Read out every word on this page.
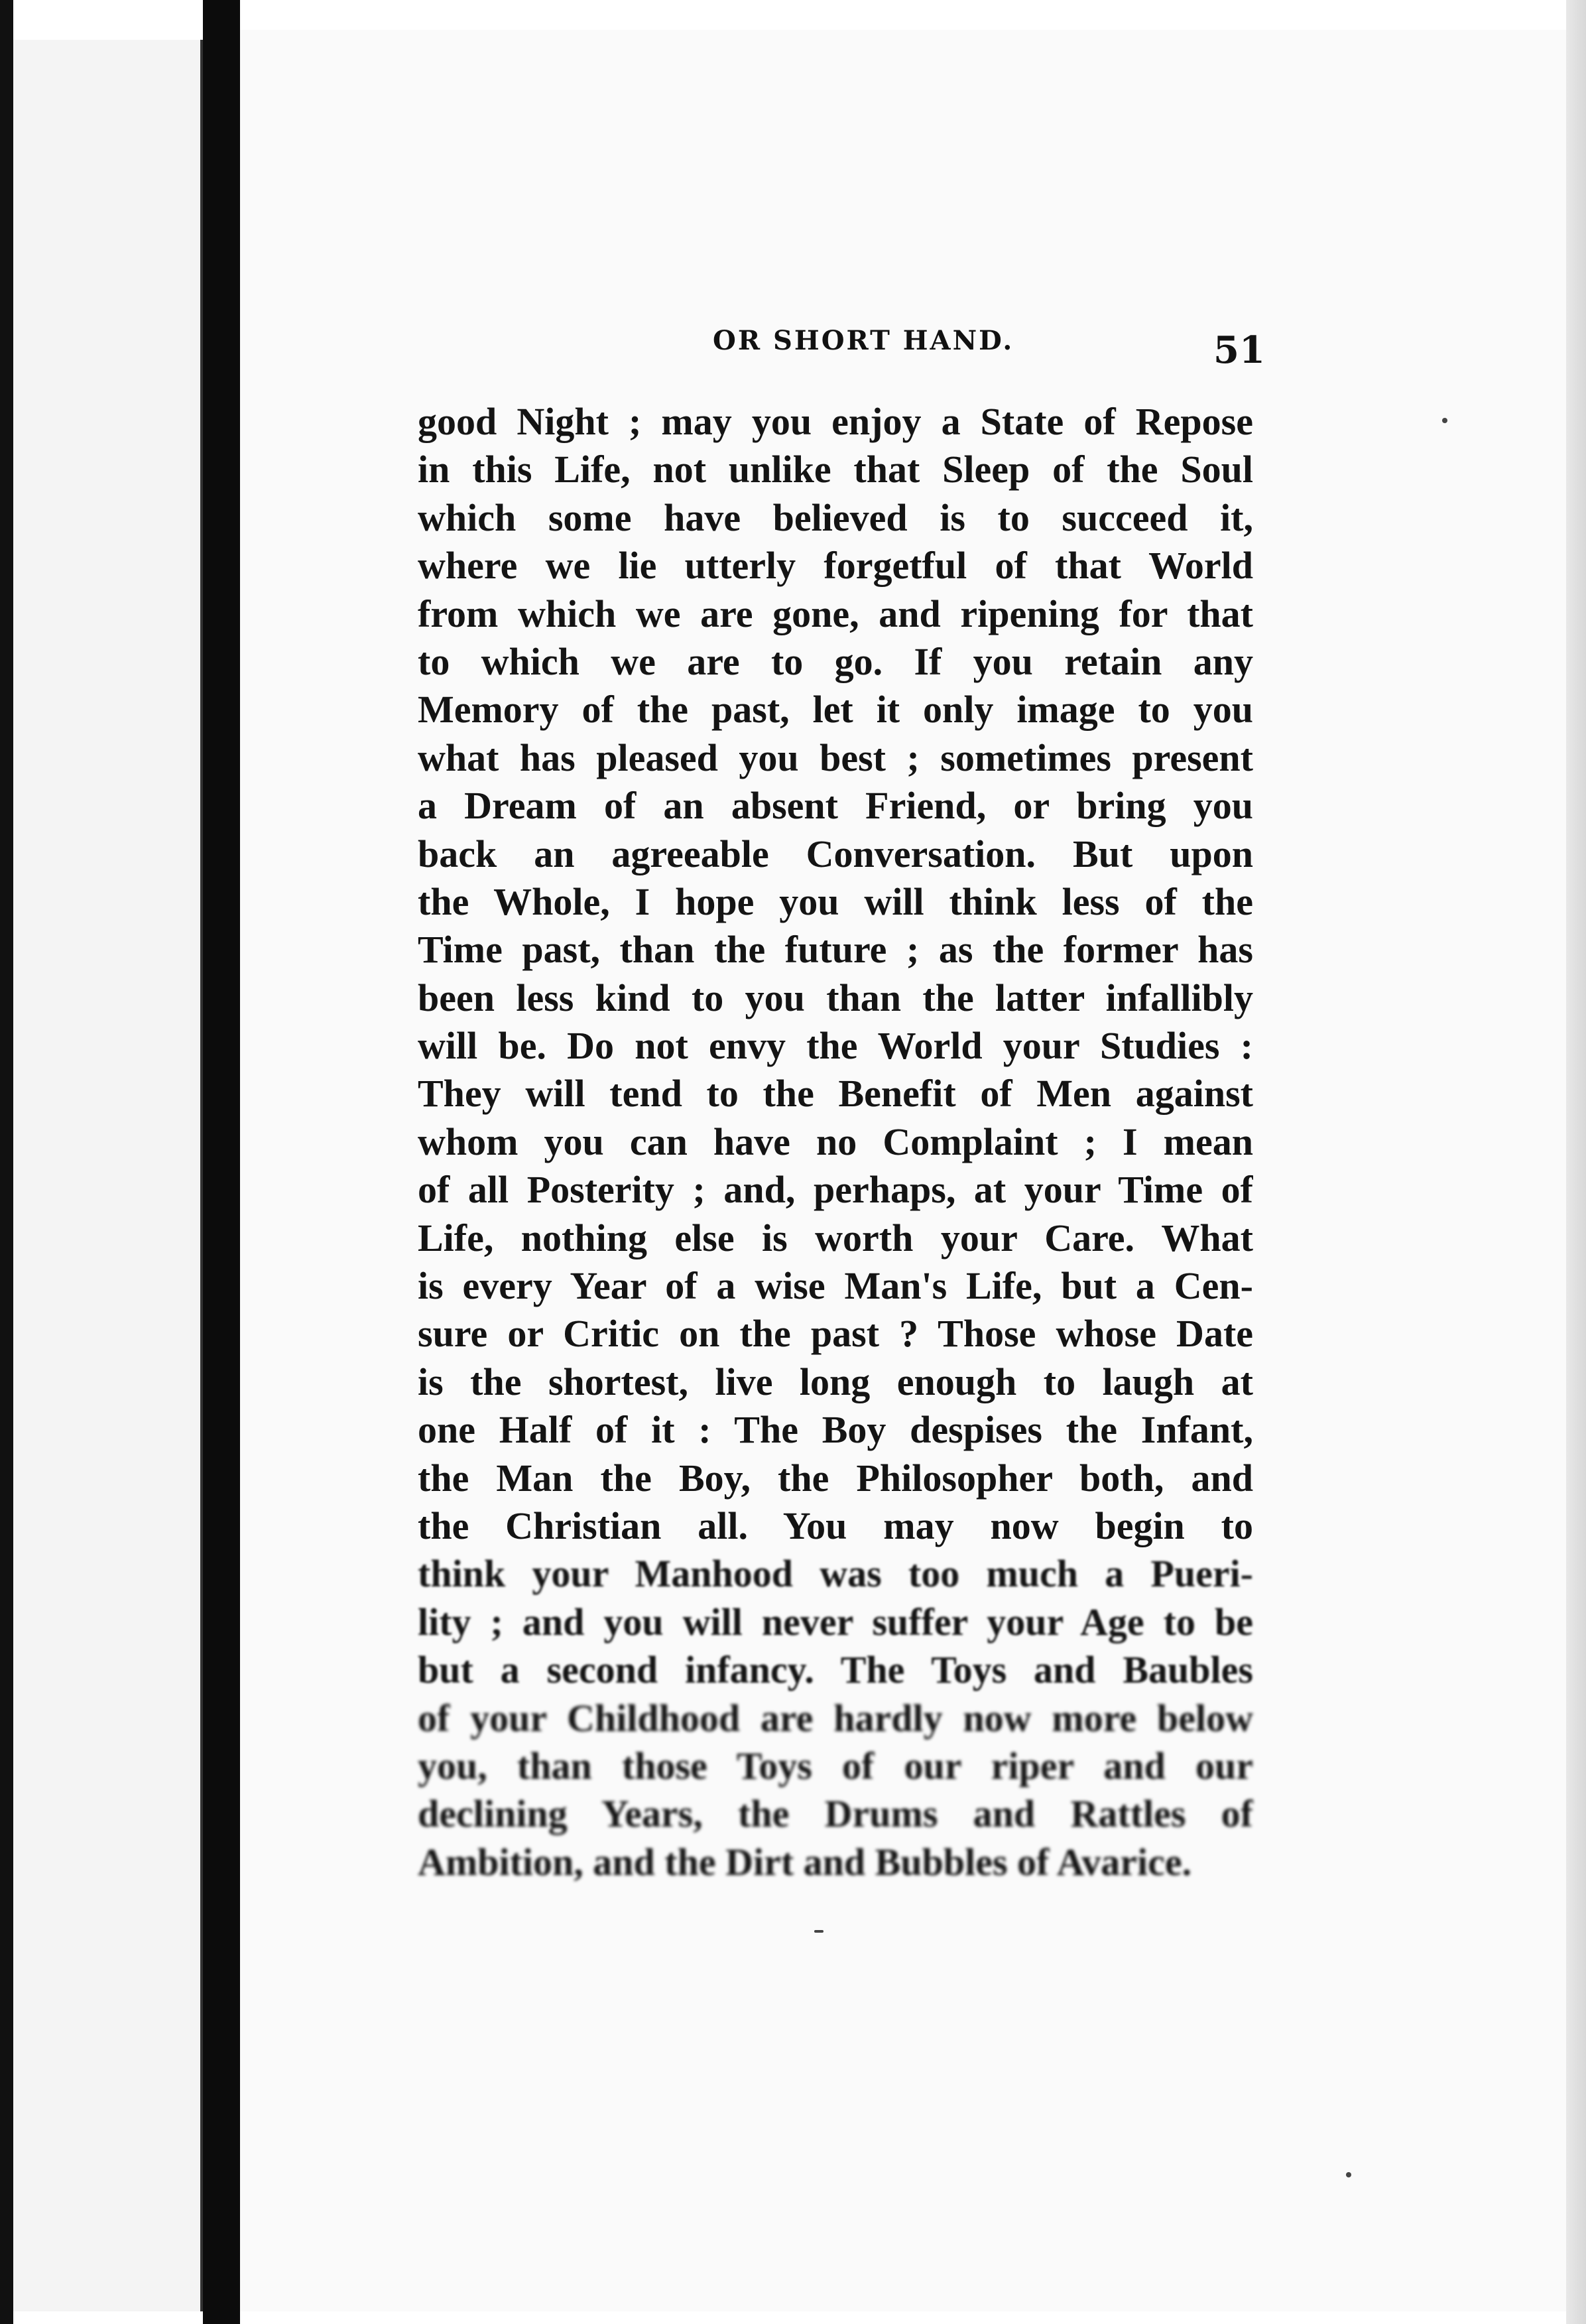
OR SHORT HAND.	51
good Night ; may you enjoy a State of Repose
in this Life, not unlike that Sleep of the Soul
which some have believed is to succeed it,
where we lie utterly forgetful of that World
from which we are gone, and ripening for that
to which we are to go. If you retain any
Memory of the past, let it only image to you
what has pleased you best ; sometimes present
a Dream of an absent Friend, or bring you
back an agreeable Conversation. But upon
the Whole, I hope you will think less of the
Time past, than the future ; as the former has
been less kind to you than the latter infallibly
will be. Do not envy the World your Studies :
They will tend to the Benefit of Men against
whom you can have no Complaint ; I mean
of all Posterity ; and, perhaps, at your Time of
Life, nothing else is worth your Care. What
is every Year of a wise Man's Life, but a Cen-
sure or Critic on the past ? Those whose Date
is the shortest, live long enough to laugh at
one Half of it : The Boy despises the Infant,
the Man the Boy, the Philosopher both, and
the Christian all. You may now begin to
think your Manhood was too much a Pueri-
lity ; and you will never suffer your Age to be
but a second infancy. The Toys and Baubles
of your Childhood are hardly now more below
you, than those Toys of our riper and our
declining Years, the Drums and Rattles of
Ambition, and the Dirt and Bubbles of Avarice.
